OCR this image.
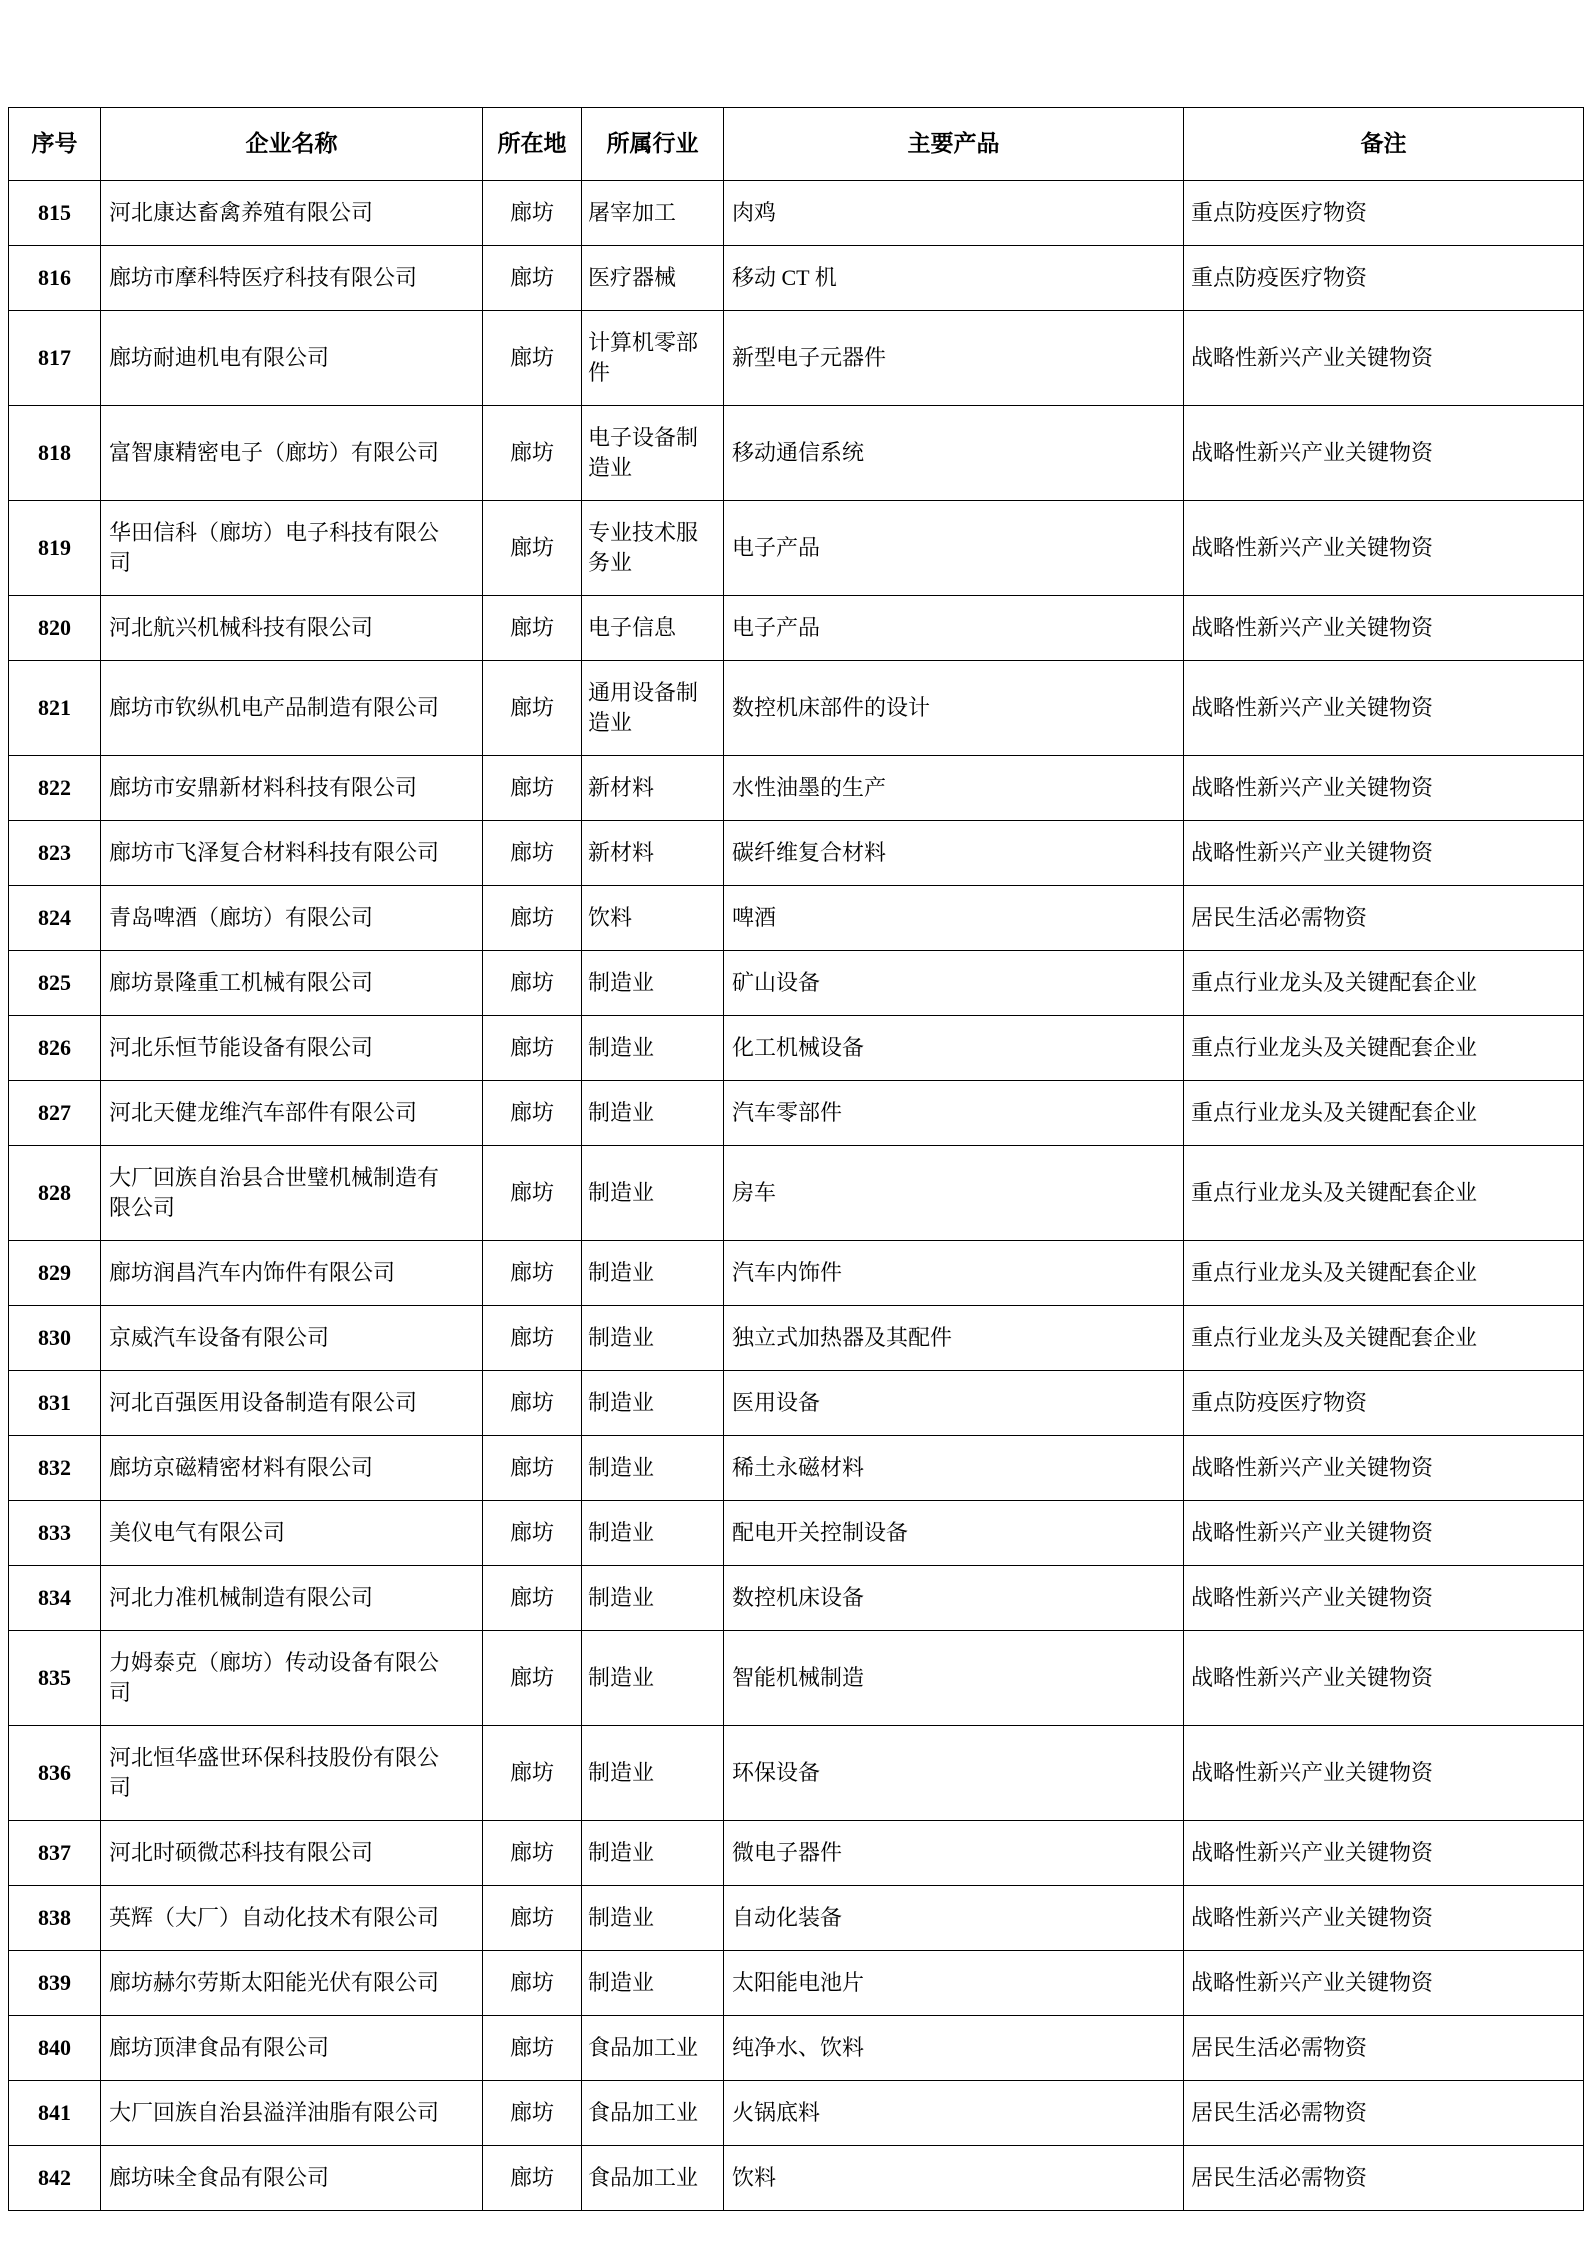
序号	企业名称	所在地	所属行业	主要产品	备注
815	河北康达畜禽养殖有限公司	廊坊	屠宰加工	肉鸡	重点防疫医疗物资
816	廊坊市摩科特医疗科技有限公司	廊坊	医疗器械	移动 CT 机	重点防疫医疗物资
817	廊坊耐迪机电有限公司	廊坊	计算机零部件	新型电子元器件	战略性新兴产业关键物资
818	富智康精密电子（廊坊）有限公司	廊坊	电子设备制造业	移动通信系统	战略性新兴产业关键物资
819	华田信科（廊坊）电子科技有限公司	廊坊	专业技术服务业	电子产品	战略性新兴产业关键物资
820	河北航兴机械科技有限公司	廊坊	电子信息	电子产品	战略性新兴产业关键物资
821	廊坊市钦纵机电产品制造有限公司	廊坊	通用设备制造业	数控机床部件的设计	战略性新兴产业关键物资
822	廊坊市安鼎新材料科技有限公司	廊坊	新材料	水性油墨的生产	战略性新兴产业关键物资
823	廊坊市飞泽复合材料科技有限公司	廊坊	新材料	碳纤维复合材料	战略性新兴产业关键物资
824	青岛啤酒（廊坊）有限公司	廊坊	饮料	啤酒	居民生活必需物资
825	廊坊景隆重工机械有限公司	廊坊	制造业	矿山设备	重点行业龙头及关键配套企业
826	河北乐恒节能设备有限公司	廊坊	制造业	化工机械设备	重点行业龙头及关键配套企业
827	河北天健龙维汽车部件有限公司	廊坊	制造业	汽车零部件	重点行业龙头及关键配套企业
828	大厂回族自治县合世璧机械制造有限公司	廊坊	制造业	房车	重点行业龙头及关键配套企业
829	廊坊润昌汽车内饰件有限公司	廊坊	制造业	汽车内饰件	重点行业龙头及关键配套企业
830	京威汽车设备有限公司	廊坊	制造业	独立式加热器及其配件	重点行业龙头及关键配套企业
831	河北百强医用设备制造有限公司	廊坊	制造业	医用设备	重点防疫医疗物资
832	廊坊京磁精密材料有限公司	廊坊	制造业	稀土永磁材料	战略性新兴产业关键物资
833	美仪电气有限公司	廊坊	制造业	配电开关控制设备	战略性新兴产业关键物资
834	河北力准机械制造有限公司	廊坊	制造业	数控机床设备	战略性新兴产业关键物资
835	力姆泰克（廊坊）传动设备有限公司	廊坊	制造业	智能机械制造	战略性新兴产业关键物资
836	河北恒华盛世环保科技股份有限公司	廊坊	制造业	环保设备	战略性新兴产业关键物资
837	河北时硕微芯科技有限公司	廊坊	制造业	微电子器件	战略性新兴产业关键物资
838	英辉（大厂）自动化技术有限公司	廊坊	制造业	自动化装备	战略性新兴产业关键物资
839	廊坊赫尔劳斯太阳能光伏有限公司	廊坊	制造业	太阳能电池片	战略性新兴产业关键物资
840	廊坊顶津食品有限公司	廊坊	食品加工业	纯净水、饮料	居民生活必需物资
841	大厂回族自治县溢洋油脂有限公司	廊坊	食品加工业	火锅底料	居民生活必需物资
842	廊坊味全食品有限公司	廊坊	食品加工业	饮料	居民生活必需物资
